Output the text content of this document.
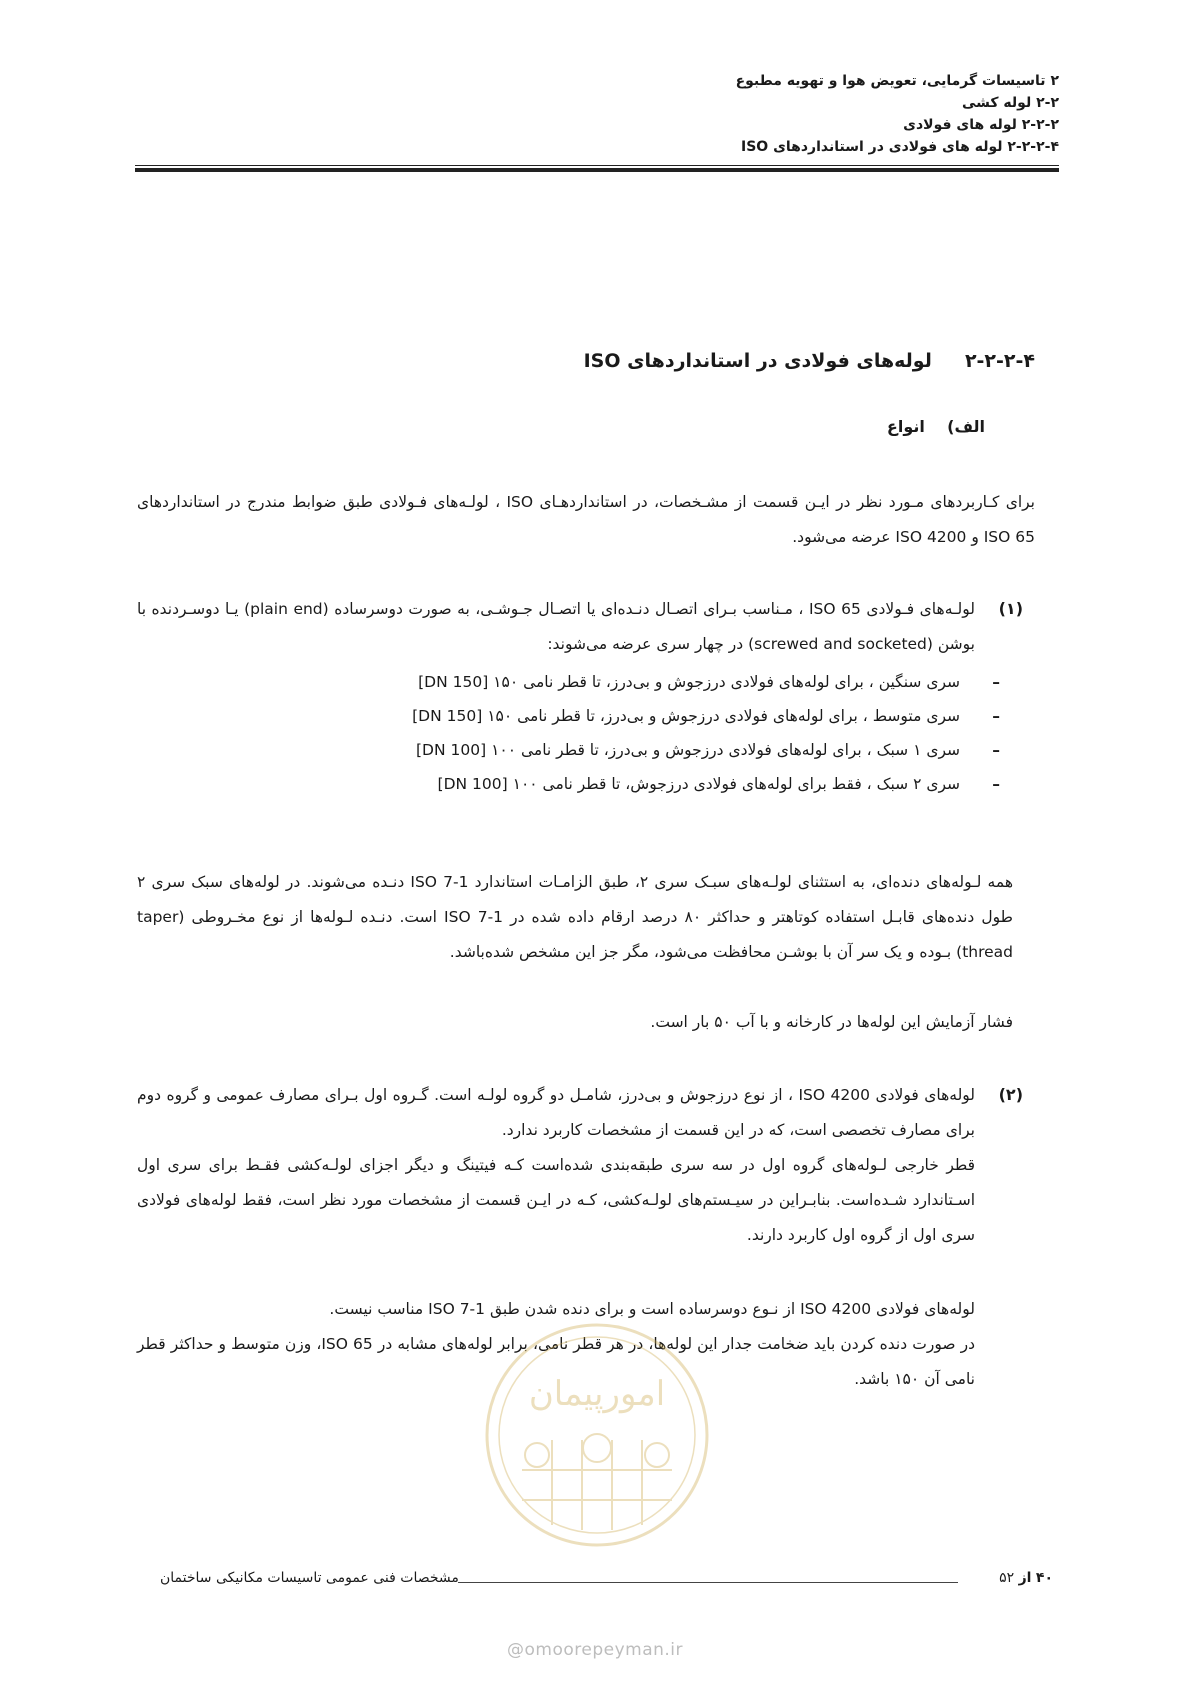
۲ تاسیسات گرمایی، تعویض هوا و تهویه مطبوع
۲-۲ لوله کشی
۲-۲-۲ لوله های فولادی
۲-۲-۲-۴ لوله های فولادی در استانداردهای ISO
۲-۲-۲-۴     لوله‌های فولادی در استانداردهای ISO
الف)    انواع
برای کـاربردهای مـورد نظر در ایـن قسمت از مشـخصات، در استانداردهـای ISO ، لولـه‌های فـولادی طبق ضوابط مندرج در استانداردهای ISO 65 و ISO 4200 عرضه می‌شود.
(۱)
لولـه‌های فـولادی ISO 65 ، مـناسب بـرای اتصـال دنـده‌ای یا اتصـال جـوشـی، به صورت دوسرساده (plain end) یـا دوسـردنده با بوشن (screwed and socketed) در چهار سری عرضه می‌شوند:
–سری سنگین ، برای لوله‌های فولادی درزجوش و بی‌درز، تا قطر نامی ۱۵۰ [DN 150]
–سری متوسط ، برای لوله‌های فولادی درزجوش و بی‌درز، تا قطر نامی ۱۵۰ [DN 150]
–سری ۱ سبک ، برای لوله‌های فولادی درزجوش و بی‌درز، تا قطر نامی ۱۰۰ [DN 100]
–سری ۲ سبک ، فقط برای لوله‌های فولادی درزجوش، تا قطر نامی ۱۰۰ [DN 100]
همه لـوله‌های دنده‌ای، به استثنای لولـه‌های سبـک سری ۲، طبق الزامـات استاندارد ISO 7-1 دنـده می‌شوند. در لوله‌های سبک سری ۲ طول دنده‌های قابـل استفاده کوتاهتر و حداکثر ۸۰ درصد ارقام داده شده در ISO 7-1 است. دنـده لـوله‌ها از نوع مخـروطی (taper thread) بـوده و یک سر آن با بوشـن محافظت می‌شود، مگر جز این مشخص شده‌باشد.
فشار آزمایش این لوله‌ها در کارخانه و با آب ۵۰ بار است.
(۲)
لوله‌های فولادی ISO 4200 ، از نوع درزجوش و بی‌درز، شامـل دو گروه لولـه است. گـروه اول بـرای مصارف عمومی و گروه دوم برای مصارف تخصصی است، که در این قسمت از مشخصات کاربرد ندارد.
قطر خارجی لـوله‌های گروه اول در سه سری طبقه‌بندی شده‌است کـه فیتینگ و دیگر اجزای لولـه‌کشی فقـط برای سری اول اسـتاندارد شـده‌است. بنابـراین در سیـستم‌های لولـه‌کشی، کـه در ایـن قسمت از مشخصات مورد نظر است، فقط لوله‌های فولادی سری اول از گروه اول کاربرد دارند.
لوله‌های فولادی ISO 4200 از نـوع دوسرساده است و برای دنده شدن طبق ISO 7-1 مناسب نیست.
در صورت دنده کردن باید ضخامت جدار این لوله‌ها، در هر قطر نامی، برابر لوله‌های مشابه در ISO 65، وزن متوسط و حداکثر قطر نامی آن ۱۵۰ باشد.
امورپیمان
مشخصات فنی عمومی تاسیسات مکانیکی ساختمان	۴۰ از ۵۲
@omoorepeyman.ir
